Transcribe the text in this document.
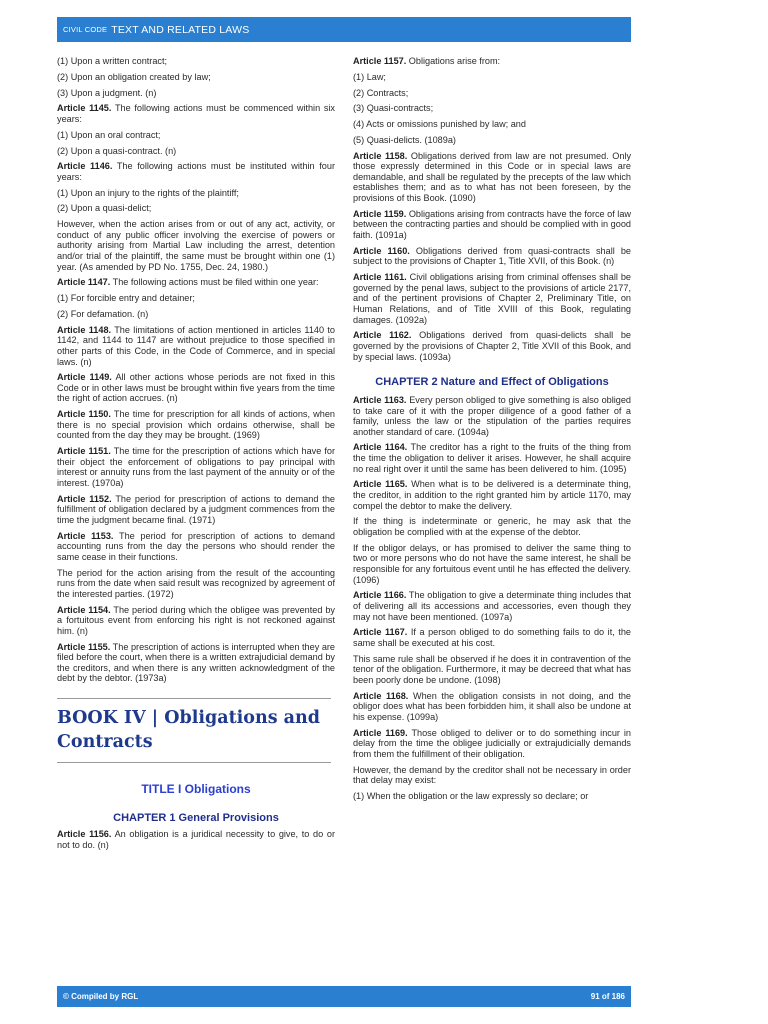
CIVIL CODE TEXT AND RELATED LAWS

(1) Upon a written contract;

(2) Upon an obligation created by law;

(3) Upon a judgment. (n)

Article 1145. The following actions must be commenced within six years:

(1) Upon an oral contract;

(2) Upon a quasi-contract. (n)

Article 1146. The following actions must be instituted within four years:

(1) Upon an injury to the rights of the plaintiff;

(2) Upon a quasi-delict;

However, when the action arises from or out of any act, activity, or conduct of any public officer involving the exercise of powers or authority arising from Martial Law including the arrest, detention and/or trial of the plaintiff, the same must be brought within one (1) year. (As amended by PD No. 1755, Dec. 24, 1980.)

Article 1147. The following actions must be filed within one year:

(1) For forcible entry and detainer;

(2) For defamation. (n)

Article 1148. The limitations of action mentioned in articles 1140 to 1142, and 1144 to 1147 are without prejudice to those specified in other parts of this Code, in the Code of Commerce, and in special laws. (n)

Article 1149. All other actions whose periods are not fixed in this Code or in other laws must be brought within five years from the time the right of action accrues. (n)

Article 1150. The time for prescription for all kinds of actions, when there is no special provision which ordains otherwise, shall be counted from the day they may be brought. (1969)

Article 1151. The time for the prescription of actions which have for their object the enforcement of obligations to pay principal with interest or annuity runs from the last payment of the annuity or of the interest. (1970a)

Article 1152. The period for prescription of actions to demand the fulfillment of obligation declared by a judgment commences from the time the judgment became final. (1971)

Article 1153. The period for prescription of actions to demand accounting runs from the day the persons who should render the same cease in their functions.

The period for the action arising from the result of the accounting runs from the date when said result was recognized by agreement of the interested parties. (1972)

Article 1154. The period during which the obligee was prevented by a fortuitous event from enforcing his right is not reckoned against him. (n)

Article 1155. The prescription of actions is interrupted when they are filed before the court, when there is a written extrajudicial demand by the creditors, and when there is any written acknowledgment of the debt by the debtor. (1973a)

BOOK IV | Obligations and Contracts
TITLE I Obligations
CHAPTER 1 General Provisions

Article 1156. An obligation is a juridical necessity to give, to do or not to do. (n)

Article 1157. Obligations arise from:

(1) Law;

(2) Contracts;

(3) Quasi-contracts;

(4) Acts or omissions punished by law; and

(5) Quasi-delicts. (1089a)

Article 1158. Obligations derived from law are not presumed. Only those expressly determined in this Code or in special laws are demandable, and shall be regulated by the precepts of the law which establishes them; and as to what has not been foreseen, by the provisions of this Book. (1090)

Article 1159. Obligations arising from contracts have the force of law between the contracting parties and should be complied with in good faith. (1091a)

Article 1160. Obligations derived from quasi-contracts shall be subject to the provisions of Chapter 1, Title XVII, of this Book. (n)

Article 1161. Civil obligations arising from criminal offenses shall be governed by the penal laws, subject to the provisions of article 2177, and of the pertinent provisions of Chapter 2, Preliminary Title, on Human Relations, and of Title XVIII of this Book, regulating damages. (1092a)

Article 1162. Obligations derived from quasi-delicts shall be governed by the provisions of Chapter 2, Title XVII of this Book, and by special laws. (1093a)

CHAPTER 2 Nature and Effect of Obligations

Article 1163. Every person obliged to give something is also obliged to take care of it with the proper diligence of a good father of a family, unless the law or the stipulation of the parties requires another standard of care. (1094a)

Article 1164. The creditor has a right to the fruits of the thing from the time the obligation to deliver it arises. However, he shall acquire no real right over it until the same has been delivered to him. (1095)

Article 1165. When what is to be delivered is a determinate thing, the creditor, in addition to the right granted him by article 1170, may compel the debtor to make the delivery.

If the thing is indeterminate or generic, he may ask that the obligation be complied with at the expense of the debtor.

If the obligor delays, or has promised to deliver the same thing to two or more persons who do not have the same interest, he shall be responsible for any fortuitous event until he has effected the delivery. (1096)

Article 1166. The obligation to give a determinate thing includes that of delivering all its accessions and accessories, even though they may not have been mentioned. (1097a)

Article 1167. If a person obliged to do something fails to do it, the same shall be executed at his cost.

This same rule shall be observed if he does it in contravention of the tenor of the obligation. Furthermore, it may be decreed that what has been poorly done be undone. (1098)

Article 1168. When the obligation consists in not doing, and the obligor does what has been forbidden him, it shall also be undone at his expense. (1099a)

Article 1169. Those obliged to deliver or to do something incur in delay from the time the obligee judicially or extrajudicially demands from them the fulfillment of their obligation.

However, the demand by the creditor shall not be necessary in order that delay may exist:

(1) When the obligation or the law expressly so declare; or

© Compiled by RGL	91 of 186
